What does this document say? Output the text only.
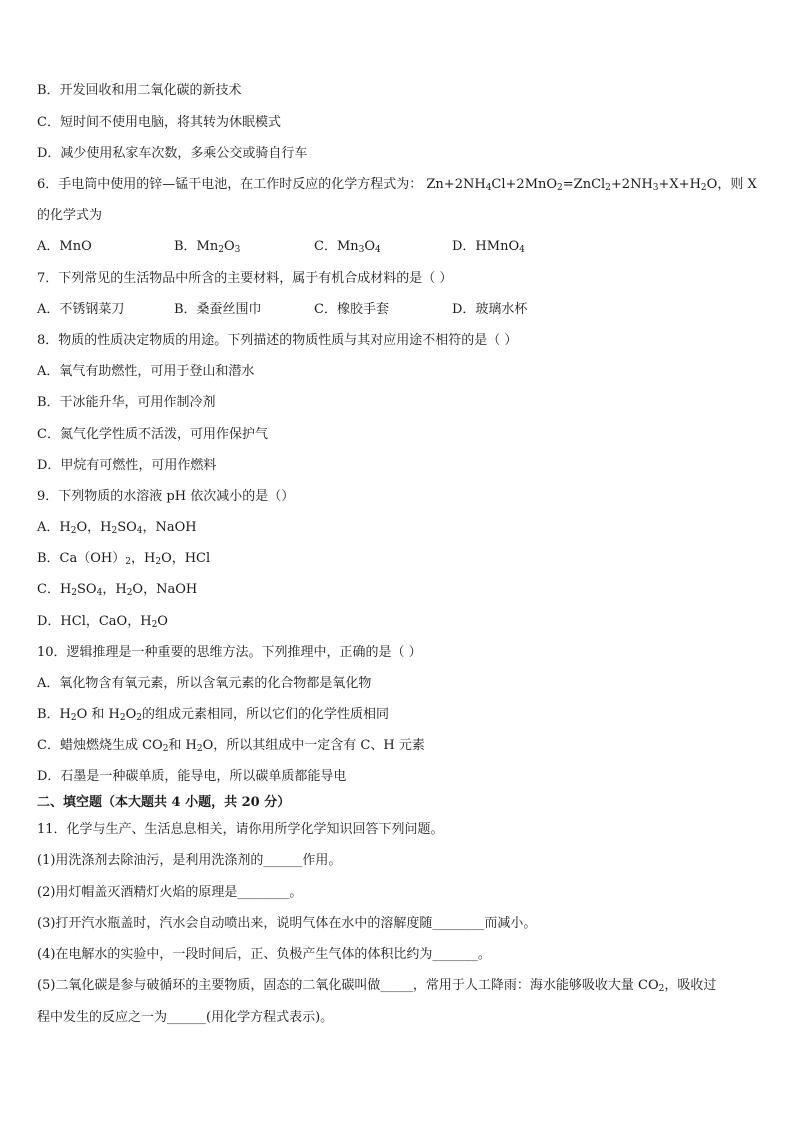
B．开发回收和用二氧化碳的新技术
C．短时间不使用电脑，将其转为休眠模式
D．减少使用私家车次数，多乘公交或骑自行车
6．手电筒中使用的锌—锰干电池，在工作时反应的化学方程式为： $Zn+2NH_4Cl+2MnO_2=ZnCl_2+2NH_3+X+H_2O$，则 X
的化学式为
A．MnO	B．$Mn_2O_3$	C．$Mn_3O_4$	D．HMnO$_4$
7．下列常见的生活物品中所含的主要材料，属于有机合成材料的是（ ）
A．不锈钢菜刀	B．桑蚕丝围巾	C．橡胶手套	D．玻璃水杯
8．物质的性质决定物质的用途。下列描述的物质性质与其对应用途不相符的是（ ）
A．氧气有助燃性，可用于登山和潜水
B．干冰能升华，可用作制冷剂
C．氮气化学性质不活泼，可用作保护气
D．甲烷有可燃性，可用作燃料
9．下列物质的水溶液 pH 依次减小的是（）
A．$H_2O$，$H_2SO_4$，NaOH
B．$Ca(OH)_2$，$H_2O$，HCl
C．$H_2SO_4$，$H_2O$，NaOH
D．HCl，CaO，$H_2O$
10．逻辑推理是一种重要的思维方法。下列推理中，正确的是（ ）
A．氧化物含有氧元素，所以含氧元素的化合物都是氧化物
B．$H_2O$ 和 $H_2O_2$的组成元素相同，所以它们的化学性质相同
C．蜡烛燃烧生成 $CO_2$和 $H_2O$，所以其组成中一定含有 C、H 元素
D．石墨是一种碳单质，能导电，所以碳单质都能导电
二、填空题（本大题共 4 小题，共 20 分）
11．化学与生产、生活息息相关，请你用所学化学知识回答下列问题。
(1)用洗涤剂去除油污，是利用洗涤剂的______作用。
(2)用灯帽盖灭酒精灯火焰的原理是________。
(3)打开汽水瓶盖时，汽水会自动喷出来，说明气体在水中的溶解度随________而减小。
(4)在电解水的实验中，一段时间后，正、负极产生气体的体积比约为_______。
(5)二氧化碳是参与破循环的主要物质，固态的二氧化碳叫做_____，常用于人工降雨：海水能够吸收大量 $CO_2$，吸收过
程中发生的反应之一为______(用化学方程式表示)。
